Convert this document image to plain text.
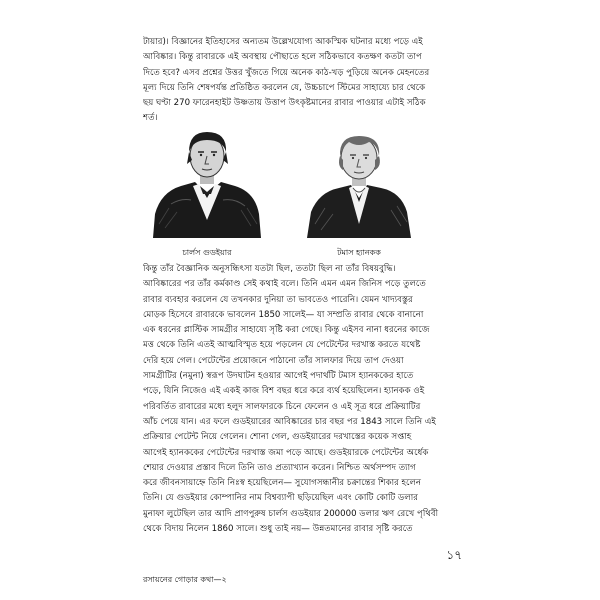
টায়ার)। বিজ্ঞানের ইতিহাসের অন্যতম উল্লেখযোগ্য আকস্মিক ঘটনার মধ্যে পড়ে এই
আবিষ্কার। কিন্তু রাবারকে এই অবস্থায় পৌছাতে হলে সঠিকভাবে কতক্ষণ কতটা তাপ
দিতে হবে? এসব প্রশ্নের উত্তর খুঁজতে গিয়ে অনেক কাঠ-খড় পুড়িয়ে অনেক মেহনতের
মূল্য দিয়ে তিনি শেষপর্যন্ত প্রতিষ্ঠিত করলেন যে, উচ্চচাপে স্টিমের সাহায্যে চার থেকে
ছয় ঘণ্টা 270 ফারেনহাইট উষ্ণতায় উত্তাপ উৎকৃষ্টমানের রাবার পাওয়ার এটাই সঠিক
শর্ত।
চার্লস গুডইয়ার	টমাস হ্যানকক
কিন্তু তাঁর বৈজ্ঞানিক অনুসন্ধিৎসা যতটা ছিল, ততটা ছিল না তাঁর বিষয়বুদ্ধি।
আবিষ্কারের পর তাঁর কর্মকাণ্ড সেই কথাই বলে। তিনি এমন এমন জিনিস পড়ে তুলতে
রাবার ব্যবহার করলেন যে তখনকার দুনিয়া তা ভাবতেও পারেনি। যেমন খাদ্যবস্তুর
মোড়ক হিসেবে রাবারকে ভাবলেন 1850 সালেই— যা সম্প্রতি রাবার থেকে বানানো
এক ধরনের প্লাস্টিক সামগ্রীর সাহায্যে সৃষ্টি করা গেছে। কিন্তু এইসব নানা ধরনের কাজে
মত্ত থেকে তিনি এতই আত্মবিস্মৃত হয়ে পড়লেন যে পেটেন্টের দরখাস্ত করতে যথেষ্ট
দেরি হয়ে গেল। পেটেন্টের প্রয়োজনে পাঠানো তাঁর সালফার দিয়ে তাপ দেওয়া
সামগ্রীটির (নমুনা) স্বরূপ উদঘাটন হওয়ার আগেই পদার্থটি টমাস হ্যানককের হাতে
পড়ে, যিনি নিজেও এই একই কাজ বিশ বছর ধরে করে ব্যর্থ হয়েছিলেন। হ্যানকক ওই
পরিবর্তিত রাবারের মধ্যে হলুদ সালফারকে চিনে ফেলেন ও এই সূত্র ধরে প্রক্রিয়াটির
আঁচ পেয়ে যান। এর ফলে গুডইয়ারের আবিষ্কারের চার বছর পর 1843 সালে তিনি এই
প্রক্রিয়ার পেটেন্ট নিয়ে গেলেন। শোনা গেল, গুডইয়ারের দরখাস্তের কয়েক সপ্তাহ
আগেই হ্যানককের পেটেন্টের দরখাস্ত জমা পড়ে আছে। গুডইয়ারকে পেটেন্টের অর্ধেক
শেয়ার দেওয়ার প্রস্তাব দিলে তিনি তাও প্রত্যাখ্যান করেন। নিশ্চিত অর্থসম্পদ ত্যাগ
করে জীবনসায়াহ্নে তিনি নিঃস্ব হয়েছিলেন— সুযোগসন্ধানীর চক্রান্তের শিকার হলেন
তিনি। যে গুডইয়ার কোম্পানির নাম বিশ্বব্যাপী ছড়িয়েছিল এবং কোটি কোটি ডলার
মুনাফা লুটেছিল তার আদি প্রাণপুরুষ চার্লস গুডইয়ার 200000 ডলার ঋণ রেখে পৃথিবী
থেকে বিদায় নিলেন 1860 সালে। শুধু তাই নয়— উন্নতমানের রাবার সৃষ্টি করতে
১৭
রসায়নের গোড়ার কথা—২
